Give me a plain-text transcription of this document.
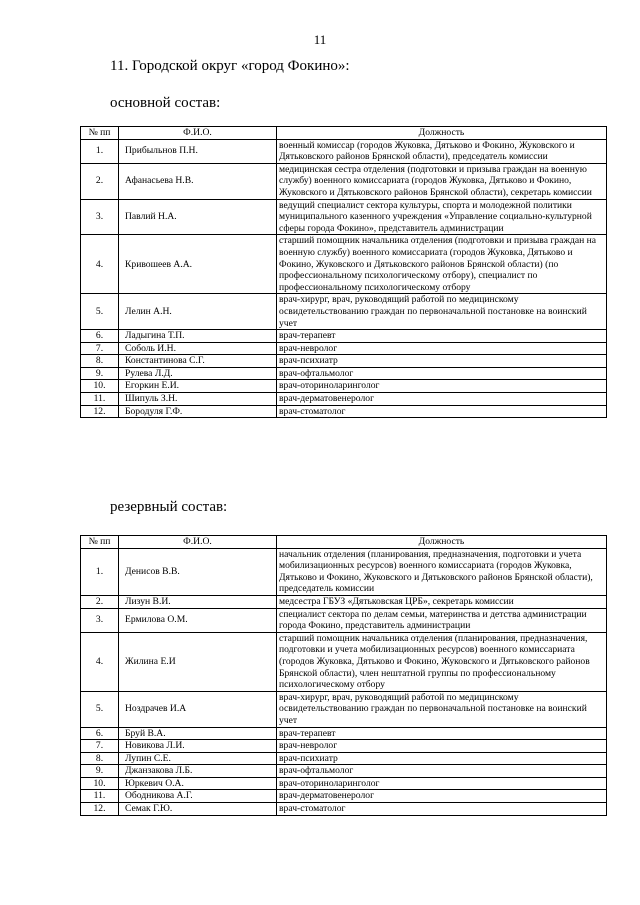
11
11. Городской округ «город Фокино»:
основной состав:
№ пп	Ф.И.О.	Должность
1.	Прибыльнов П.Н.	военный комиссар (городов Жуковка, Дятьково и Фокино, Жуковского и Дятьковского районов Брянской области), председатель комиссии
2.	Афанасьева Н.В.	медицинская сестра отделения (подготовки и призыва граждан на военную службу) военного комиссариата (городов Жуковка, Дятьково и Фокино, Жуковского и Дятьковского районов Брянской области), секретарь комиссии
3.	Павлий Н.А.	ведущий специалист сектора культуры, спорта и молодежной политики муниципального казенного учреждения «Управление социально-культурной сферы города Фокино», представитель администрации
4.	Кривошеев А.А.	старший помощник начальника отделения (подготовки и призыва граждан на военную службу) военного комиссариата (городов Жуковка, Дятьково и Фокино, Жуковского и Дятьковского районов Брянской области) (по профессиональному психологическому отбору), специалист по профессиональному психологическому отбору
5.	Лелин А.Н.	врач-хирург, врач, руководящий работой по медицинскому освидетельствованию граждан по первоначальной постановке на воинский учет
6.	Ладыгина Т.П.	врач-терапевт
7.	Соболь И.Н.	врач-невролог
8.	Константинова С.Г.	врач-психиатр
9.	Рулева Л.Д.	врач-офтальмолог
10.	Егоркин Е.И.	врач-оториноларинголог
11.	Шипуль З.Н.	врач-дерматовенеролог
12.	Бородуля Г.Ф.	врач-стоматолог
резервный состав:
№ пп	Ф.И.О.	Должность
1.	Денисов В.В.	начальник отделения (планирования, предназначения, подготовки и учета мобилизационных ресурсов) военного комиссариата (городов Жуковка, Дятьково и Фокино, Жуковского и Дятьковского районов Брянской области), председатель комиссии
2.	Лизун В.И.	медсестра ГБУЗ «Дятьковская ЦРБ», секретарь комиссии
3.	Ермилова О.М.	специалист сектора по делам семьи, материнства и детства администрации города Фокино, представитель администрации
4.	Жилина Е.И	старший помощник начальника отделения (планирования, предназначения, подготовки и учета мобилизационных ресурсов) военного комиссариата (городов Жуковка, Дятьково и Фокино, Жуковского и Дятьковского районов Брянской области), член нештатной группы по профессиональному психологическому отбору
5.	Ноздрачев И.А	врач-хирург, врач, руководящий работой по медицинскому освидетельствованию граждан по первоначальной постановке на воинский учет
6.	Бруй В.А.	врач-терапевт
7.	Новикова Л.И.	врач-невролог
8.	Лупин С.Е.	врач-психиатр
9.	Джанзакова Л.Б.	врач-офтальмолог
10.	Юркевич О.А.	врач-оториноларинголог
11.	Ободникова А.Г.	врач-дерматовенеролог
12.	Семак Г.Ю.	врач-стоматолог
